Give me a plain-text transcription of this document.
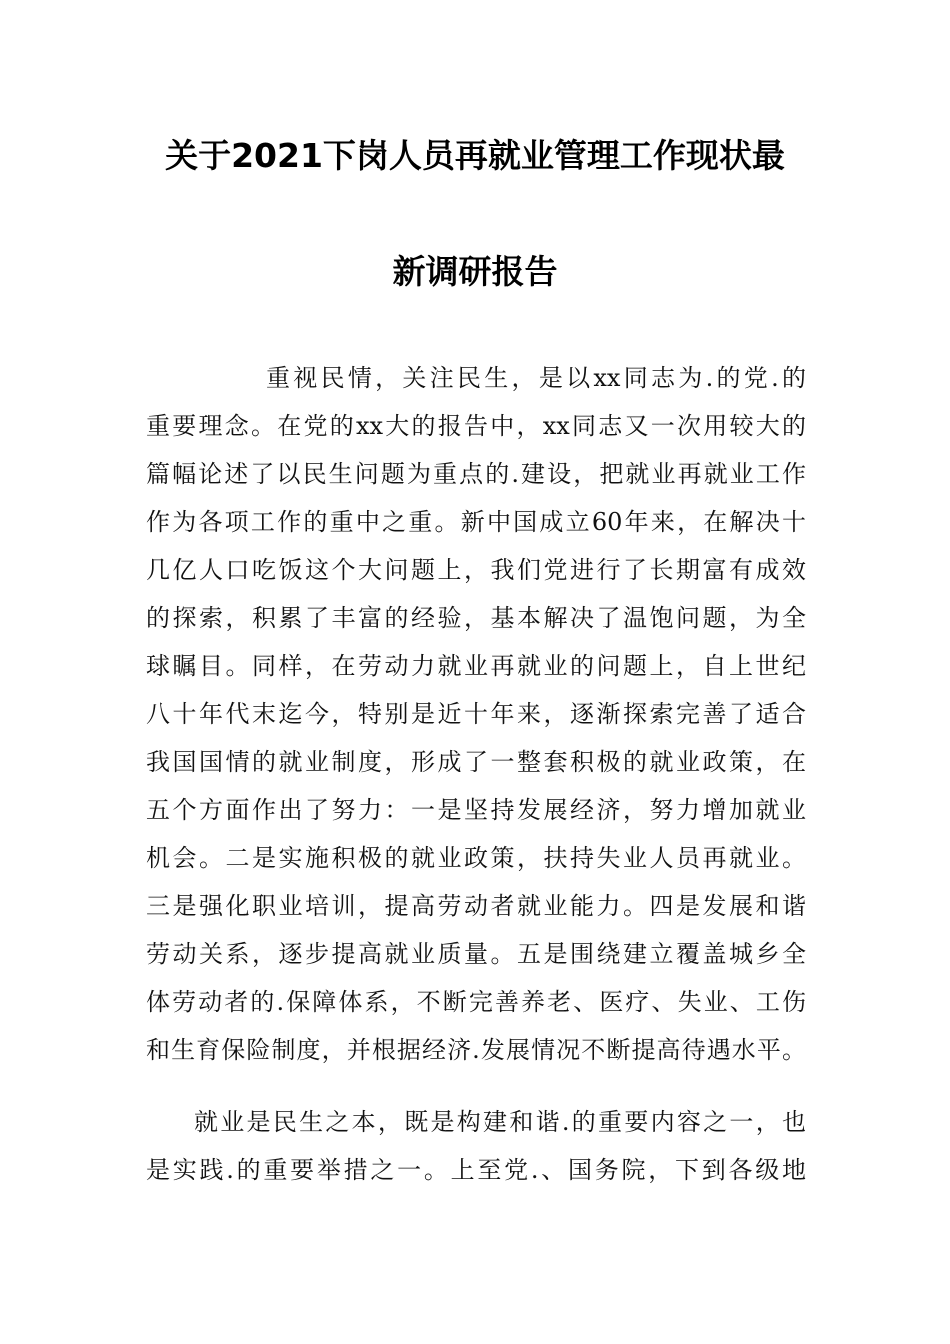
关于2021下岗人员再就业管理工作现状最
新调研报告
重视民情，关注民生，是以xx同志为.的党.的
重要理念。在党的xx大的报告中，xx同志又一次用较大的
篇幅论述了以民生问题为重点的.建设，把就业再就业工作
作为各项工作的重中之重。新中国成立60年来，在解决十
几亿人口吃饭这个大问题上，我们党进行了长期富有成效
的探索，积累了丰富的经验，基本解决了温饱问题，为全
球瞩目。同样，在劳动力就业再就业的问题上，自上世纪
八十年代末迄今，特别是近十年来，逐渐探索完善了适合
我国国情的就业制度，形成了一整套积极的就业政策，在
五个方面作出了努力：一是坚持发展经济，努力增加就业
机会。二是实施积极的就业政策，扶持失业人员再就业。
三是强化职业培训，提高劳动者就业能力。四是发展和谐
劳动关系，逐步提高就业质量。五是围绕建立覆盖城乡全
体劳动者的.保障体系，不断完善养老、医疗、失业、工伤
和生育保险制度，并根据经济.发展情况不断提高待遇水平。
就业是民生之本，既是构建和谐.的重要内容之一，也
是实践.的重要举措之一。上至党.、国务院，下到各级地
